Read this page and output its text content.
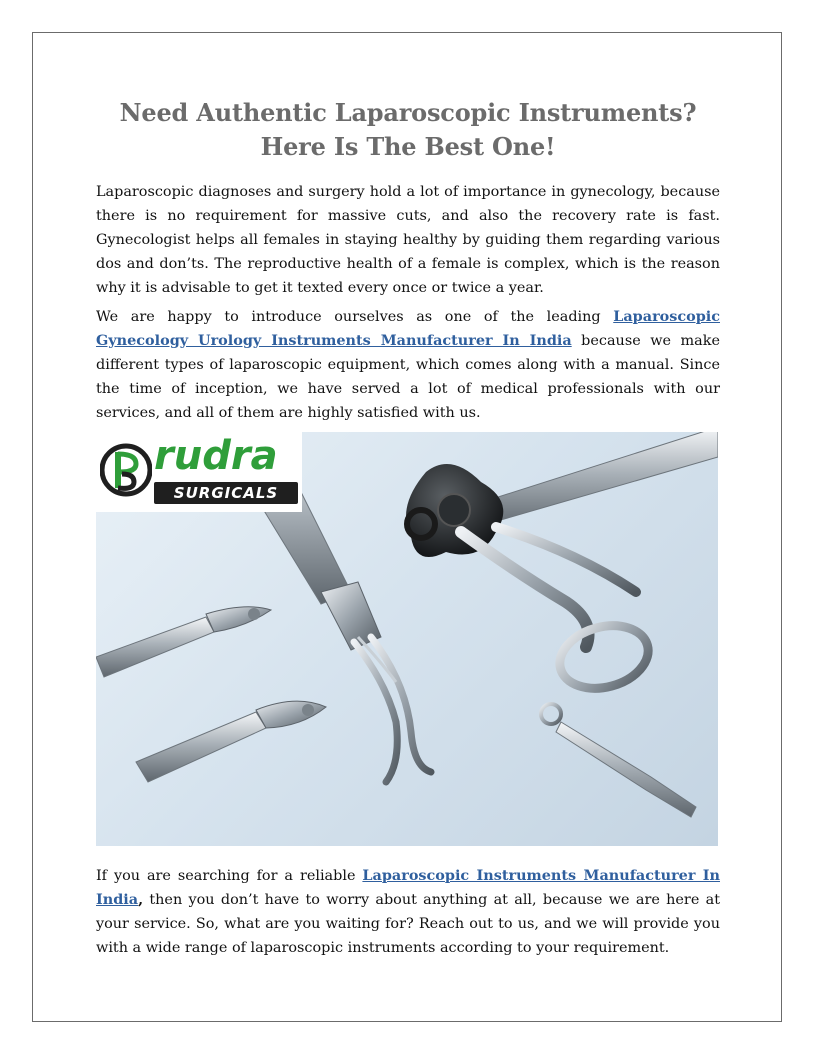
Need Authentic Laparoscopic Instruments? Here Is The Best One!

Laparoscopic diagnoses and surgery hold a lot of importance in gynecology, because there is no requirement for massive cuts, and also the recovery rate is fast. Gynecologist helps all females in staying healthy by guiding them regarding various dos and don’ts. The reproductive health of a female is complex, which is the reason why it is advisable to get it texted every once or twice a year.

We are happy to introduce ourselves as one of the leading Laparoscopic Gynecology Urology Instruments Manufacturer In India because we make different types of laparoscopic equipment, which comes along with a manual. Since the time of inception, we have served a lot of medical professionals with our services, and all of them are highly satisfied with us.

rudra
SURGICALS

If you are searching for a reliable Laparoscopic Instruments Manufacturer In India, then you don’t have to worry about anything at all, because we are here at your service. So, what are you waiting for? Reach out to us, and we will provide you with a wide range of laparoscopic instruments according to your requirement.
